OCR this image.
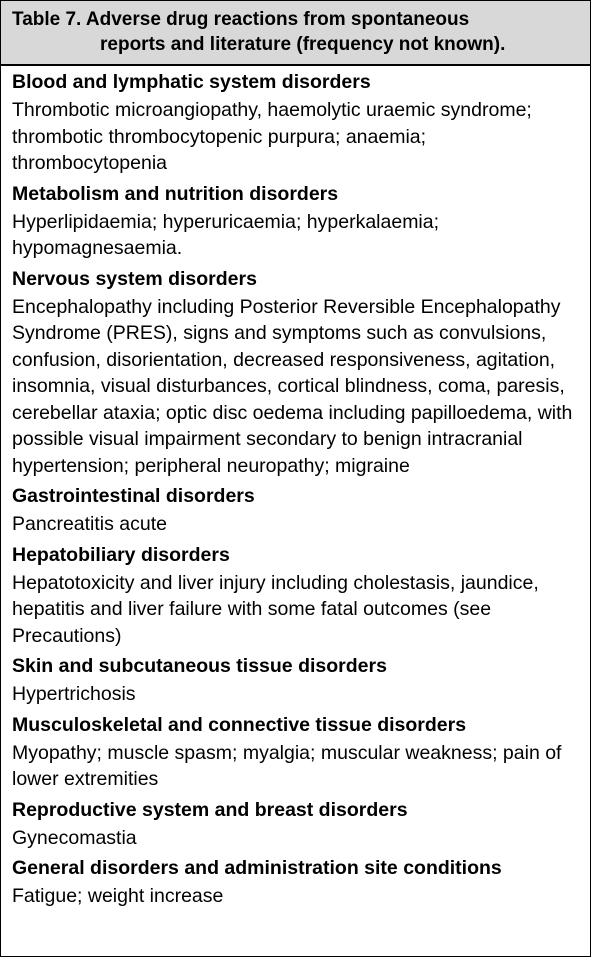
Table 7. Adverse drug reactions from spontaneous
reports and literature (frequency not known).
Blood and lymphatic system disorders
Thrombotic microangiopathy, haemolytic uraemic syndrome; thrombotic thrombocytopenic purpura; anaemia; thrombocytopenia
Metabolism and nutrition disorders
Hyperlipidaemia; hyperuricaemia; hyperkalaemia; hypomagnesaemia.
Nervous system disorders
Encephalopathy including Posterior Reversible Encephalopathy Syndrome (PRES), signs and symptoms such as convulsions, confusion, disorientation, decreased responsiveness, agitation, insomnia, visual disturbances, cortical blindness, coma, paresis, cerebellar ataxia; optic disc oedema including papilloedema, with possible visual impairment secondary to benign intracranial hypertension; peripheral neuropathy; migraine
Gastrointestinal disorders
Pancreatitis acute
Hepatobiliary disorders
Hepatotoxicity and liver injury including cholestasis, jaundice, hepatitis and liver failure with some fatal outcomes (see Precautions)
Skin and subcutaneous tissue disorders
Hypertrichosis
Musculoskeletal and connective tissue disorders
Myopathy; muscle spasm; myalgia; muscular weakness; pain of lower extremities
Reproductive system and breast disorders
Gynecomastia
General disorders and administration site conditions
Fatigue; weight increase
